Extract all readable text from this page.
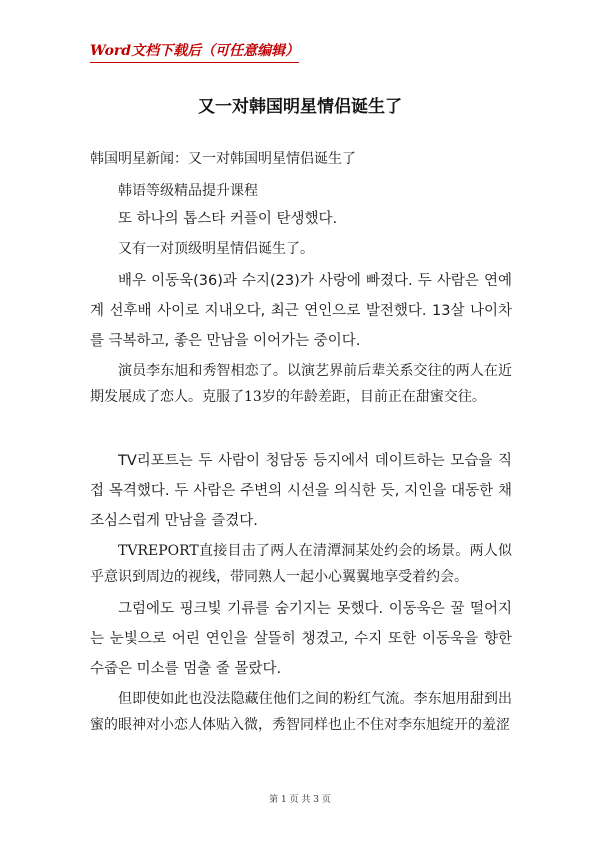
Word文档下载后（可任意编辑）
又一对韩国明星情侣诞生了

韩国明星新闻：又一对韩国明星情侣诞生了

韩语等级精品提升课程

또 하나의 톱스타 커플이 탄생했다.

又有一对顶级明星情侣诞生了。

배우 이동욱(36)과 수지(23)가 사랑에 빠졌다. 두 사람은 연예계 선후배 사이로 지내오다, 최근 연인으로 발전했다. 13살 나이차를 극복하고, 좋은 만남을 이어가는 중이다.

演员李东旭和秀智相恋了。以演艺界前后辈关系交往的两人在近期发展成了恋人。克服了13岁的年龄差距，目前正在甜蜜交往。

TV리포트는 두 사람이 청담동 등지에서 데이트하는 모습을 직접 목격했다. 두 사람은 주변의 시선을 의식한 듯, 지인을 대동한 채 조심스럽게 만남을 즐겼다.

TVREPORT直接目击了两人在清潭洞某处约会的场景。两人似乎意识到周边的视线，带同熟人一起小心翼翼地享受着约会。

그럼에도 핑크빛 기류를 숨기지는 못했다. 이동욱은 꿀 떨어지는 눈빛으로 어린 연인을 살뜰히 챙겼고, 수지 또한 이동욱을 향한 수줍은 미소를 멈출 줄 몰랐다.

但即使如此也没法隐藏住他们之间的粉红气流。李东旭用甜到出蜜的眼神对小恋人体贴入微，秀智同样也止不住对李东旭绽开的羞涩

第 1 页 共 3 页
